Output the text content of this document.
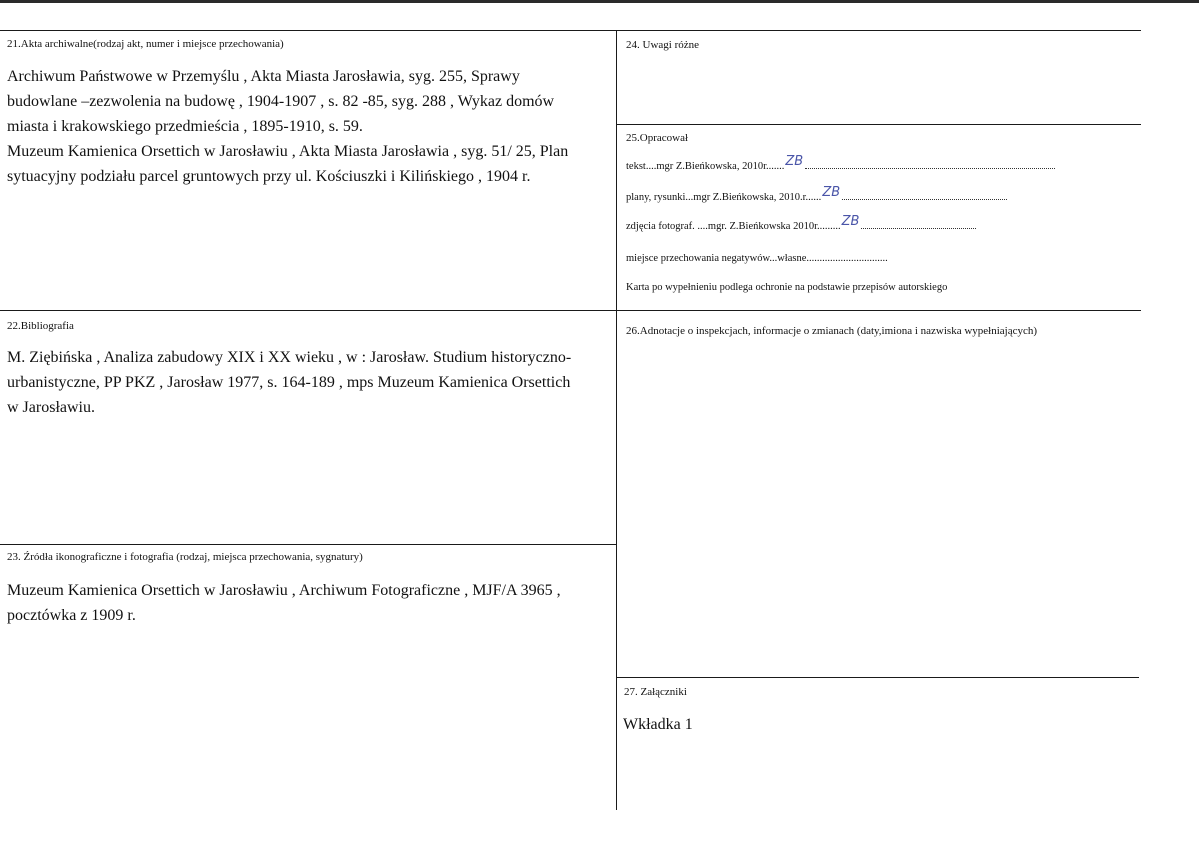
21.Akta archiwalne(rodzaj akt, numer i miejsce przechowania)

Archiwum Państwowe w Przemyślu , Akta Miasta Jarosławia, syg. 255, Sprawy

budowlane –zezwolenia na budowę , 1904-1907 , s. 82 -85, syg. 288 , Wykaz domów

miasta i krakowskiego przedmieścia , 1895-1910, s. 59.

Muzeum Kamienica Orsettich w Jarosławiu , Akta Miasta Jarosławia , syg. 51/ 25, Plan

sytuacyjny podziału parcel gruntowych przy ul. Kościuszki i Kilińskiego , 1904 r.

22.Bibliografia

M. Ziębińska , Analiza zabudowy XIX i XX wieku , w : Jarosław. Studium historyczno-

urbanistyczne, PP PKZ , Jarosław 1977, s. 164-189 , mps Muzeum Kamienica Orsettich

w Jarosławiu.

23. Źródła ikonograficzne i fotografia (rodzaj, miejsca przechowania, sygnatury)

Muzeum Kamienica Orsettich w Jarosławiu , Archiwum Fotograficzne , MJF/A 3965 ,

pocztówka z 1909 r.

24. Uwagi różne
25.Opracował
tekst....mgr Z.Bieńkowska, 2010r....... ZB
plany, rysunki...mgr Z.Bieńkowska, 2010.r...... ZB
zdjęcia fotograf. ....mgr. Z.Bieńkowska 2010r......... ZB
miejsce przechowania negatywów...własne...............................
Karta po wypełnieniu podlega ochronie na podstawie przepisów autorskiego
26.Adnotacje o inspekcjach, informacje o zmianach (daty,imiona i nazwiska wypełniających)
27. Załączniki
Wkładka 1
